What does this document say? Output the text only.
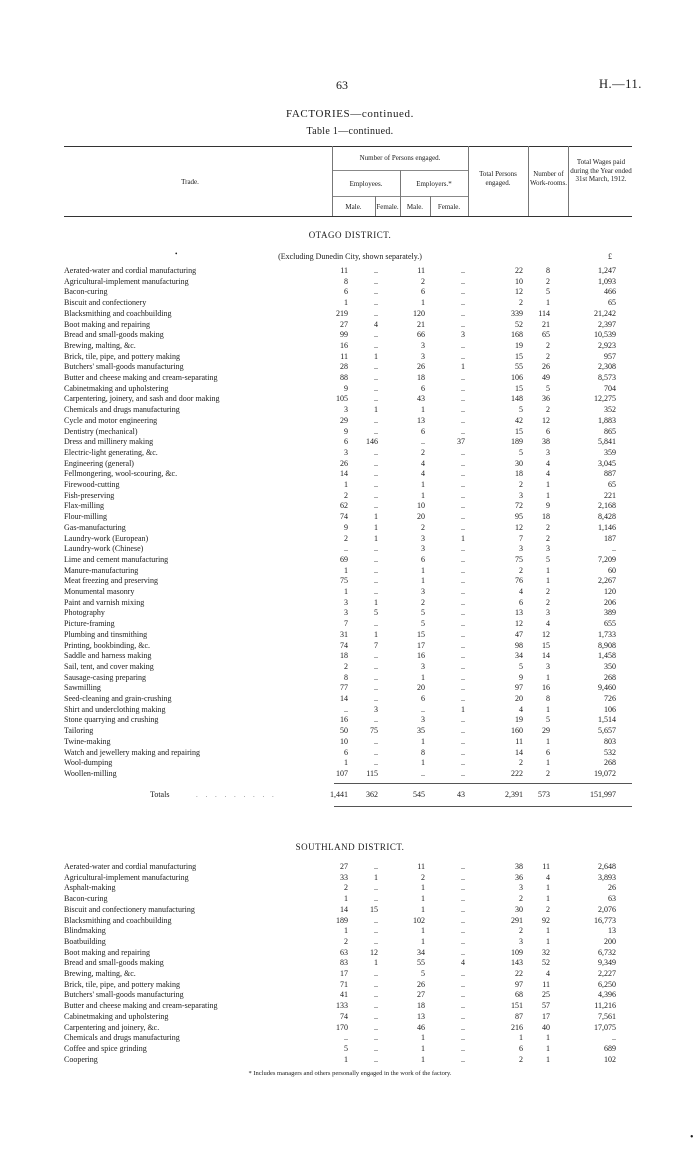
63	H.—11.
FACTORIES—continued.
Table 1—continued.
Trade.
Number of Persons engaged.
Employees.	Employers.*
Male.	Female.	Male.	Female.
Total Persons engaged.
Number of Work-rooms.
Total Wages paid during the Year ended 31st March, 1912.
OTAGO DISTRICT.
(Excluding Dunedin City, shown separately.)
•	£
Aerated-water and cordial manufacturing	11	..	11	..	22	8	1,247
Agricultural-implement manufacturing	8	..	2	..	10	2	1,093
Bacon-curing	6	..	6	..	12	5	466
Biscuit and confectionery	1	..	1	..	2	1	65
Blacksmithing and coachbuilding	219	..	120	..	339	114	21,242
Boot making and repairing	27	4	21	..	52	21	2,397
Bread and small-goods making	99	..	66	3	168	65	10,539
Brewing, malting, &c.	16	..	3	..	19	2	2,923
Brick, tile, pipe, and pottery making	11	1	3	..	15	2	957
Butchers' small-goods manufacturing	28	..	26	1	55	26	2,308
Butter and cheese making and cream-separating	88	..	18	..	106	49	8,573
Cabinetmaking and upholstering	9	..	6	..	15	5	704
Carpentering, joinery, and sash and door making	105	..	43	..	148	36	12,275
Chemicals and drugs manufacturing	3	1	1	..	5	2	352
Cycle and motor engineering	29	..	13	..	42	12	1,883
Dentistry (mechanical)	9	..	6	..	15	6	865
Dress and millinery making	6	146	..	37	189	38	5,841
Electric-light generating, &c.	3	..	2	..	5	3	359
Engineering (general)	26	..	4	..	30	4	3,045
Fellmongering, wool-scouring, &c.	14	..	4	..	18	4	887
Firewood-cutting	1	..	1	..	2	1	65
Fish-preserving	2	..	1	..	3	1	221
Flax-milling	62	..	10	..	72	9	2,168
Flour-milling	74	1	20	..	95	18	8,428
Gas-manufacturing	9	1	2	..	12	2	1,146
Laundry-work (European)	2	1	3	1	7	2	187
Laundry-work (Chinese)	..	..	3	..	3	3	..
Lime and cement manufacturing	69	..	6	..	75	5	7,209
Manure-manufacturing	1	..	1	..	2	1	60
Meat freezing and preserving	75	..	1	..	76	1	2,267
Monumental masonry	1	..	3	..	4	2	120
Paint and varnish mixing	3	1	2	..	6	2	206
Photography	3	5	5	..	13	3	389
Picture-framing	7	..	5	..	12	4	655
Plumbing and tinsmithing	31	1	15	..	47	12	1,733
Printing, bookbinding, &c.	74	7	17	..	98	15	8,908
Saddle and harness making	18	..	16	..	34	14	1,458
Sail, tent, and cover making	2	..	3	..	5	3	350
Sausage-casing preparing	8	..	1	..	9	1	268
Sawmilling	77	..	20	..	97	16	9,460
Seed-cleaning and grain-crushing	14	..	6	..	20	8	726
Shirt and underclothing making	..	3	..	1	4	1	106
Stone quarrying and crushing	16	..	3	..	19	5	1,514
Tailoring	50	75	35	..	160	29	5,657
Twine-making	10	..	1	..	11	1	803
Watch and jewellery making and repairing	6	..	8	..	14	6	532
Wool-dumping	1	..	1	..	2	1	268
Woollen-milling	107	115	..	..	222	2	19,072
Totals	. . . . . . . . .	1,441	362	545	43	2,391	573	151,997
SOUTHLAND DISTRICT.
Aerated-water and cordial manufacturing	27	..	11	..	38	11	2,648
Agricultural-implement manufacturing	33	1	2	..	36	4	3,893
Asphalt-making	2	..	1	..	3	1	26
Bacon-curing	1	..	1	..	2	1	63
Biscuit and confectionery manufacturing	14	15	1	..	30	2	2,076
Blacksmithing and coachbuilding	189	..	102	..	291	92	16,773
Blindmaking	1	..	1	..	2	1	13
Boatbuilding	2	..	1	..	3	1	200
Boot making and repairing	63	12	34	..	109	32	6,732
Bread and small-goods making	83	1	55	4	143	52	9,349
Brewing, malting, &c.	17	..	5	..	22	4	2,227
Brick, tile, pipe, and pottery making	71	..	26	..	97	11	6,250
Butchers' small-goods manufacturing	41	..	27	..	68	25	4,396
Butter and cheese making and cream-separating	133	..	18	..	151	57	11,216
Cabinetmaking and upholstering	74	..	13	..	87	17	7,561
Carpentering and joinery, &c.	170	..	46	..	216	40	17,075
Chemicals and drugs manufacturing	..	..	1	..	1	1	..
Coffee and spice grinding	5	..	1	..	6	1	689
Coopering	1	..	1	..	2	1	102
* Includes managers and others personally engaged in the work of the factory.
•
